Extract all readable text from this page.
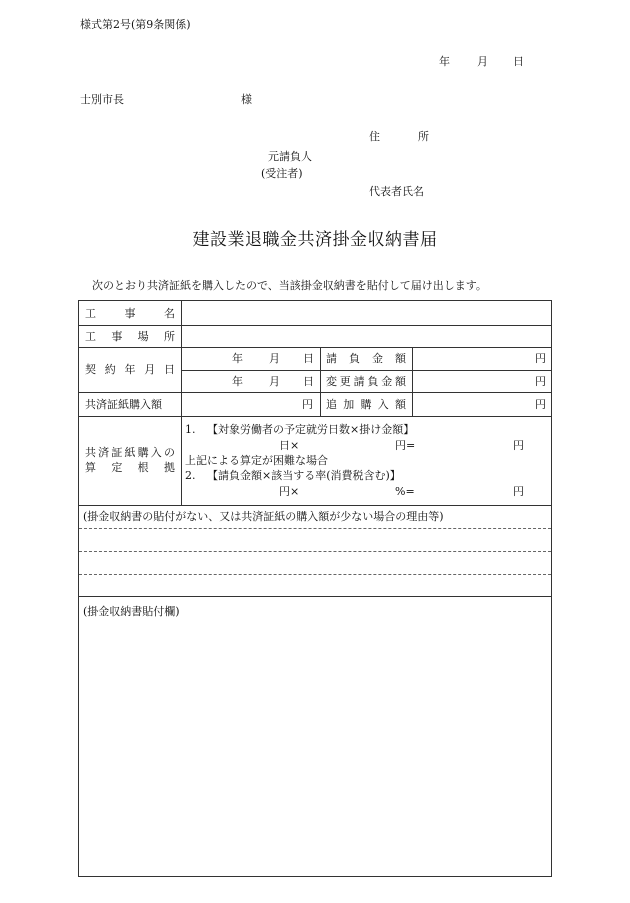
様式第2号(第9条関係)
年 月 日
士別市長	様
住	所
元請負人
(受注者)
代表者氏名
建設業退職金共済掛金収納書届
次のとおり共済証紙を購入したので、当該掛金収納書を貼付して届け出します。
工	事	名
工 事 場 所
契 約 年 月 日
年 月 日 請 負 金 額	円
年 月 日 変 更 請 負 金 額	円
共済証紙購入額	円 追 加 購 入 額	円
共 済 証 紙 購 入 の
算 定 根 拠
1. 【対象労働者の予定就労日数×掛け金額】
日×	円=	円
上記による算定が困難な場合
2. 【請負金額×該当する率(消費税含む)】
円×	%=	円
(掛金収納書の貼付がない、又は共済証紙の購入額が少ない場合の理由等)
(掛金収納書貼付欄)
